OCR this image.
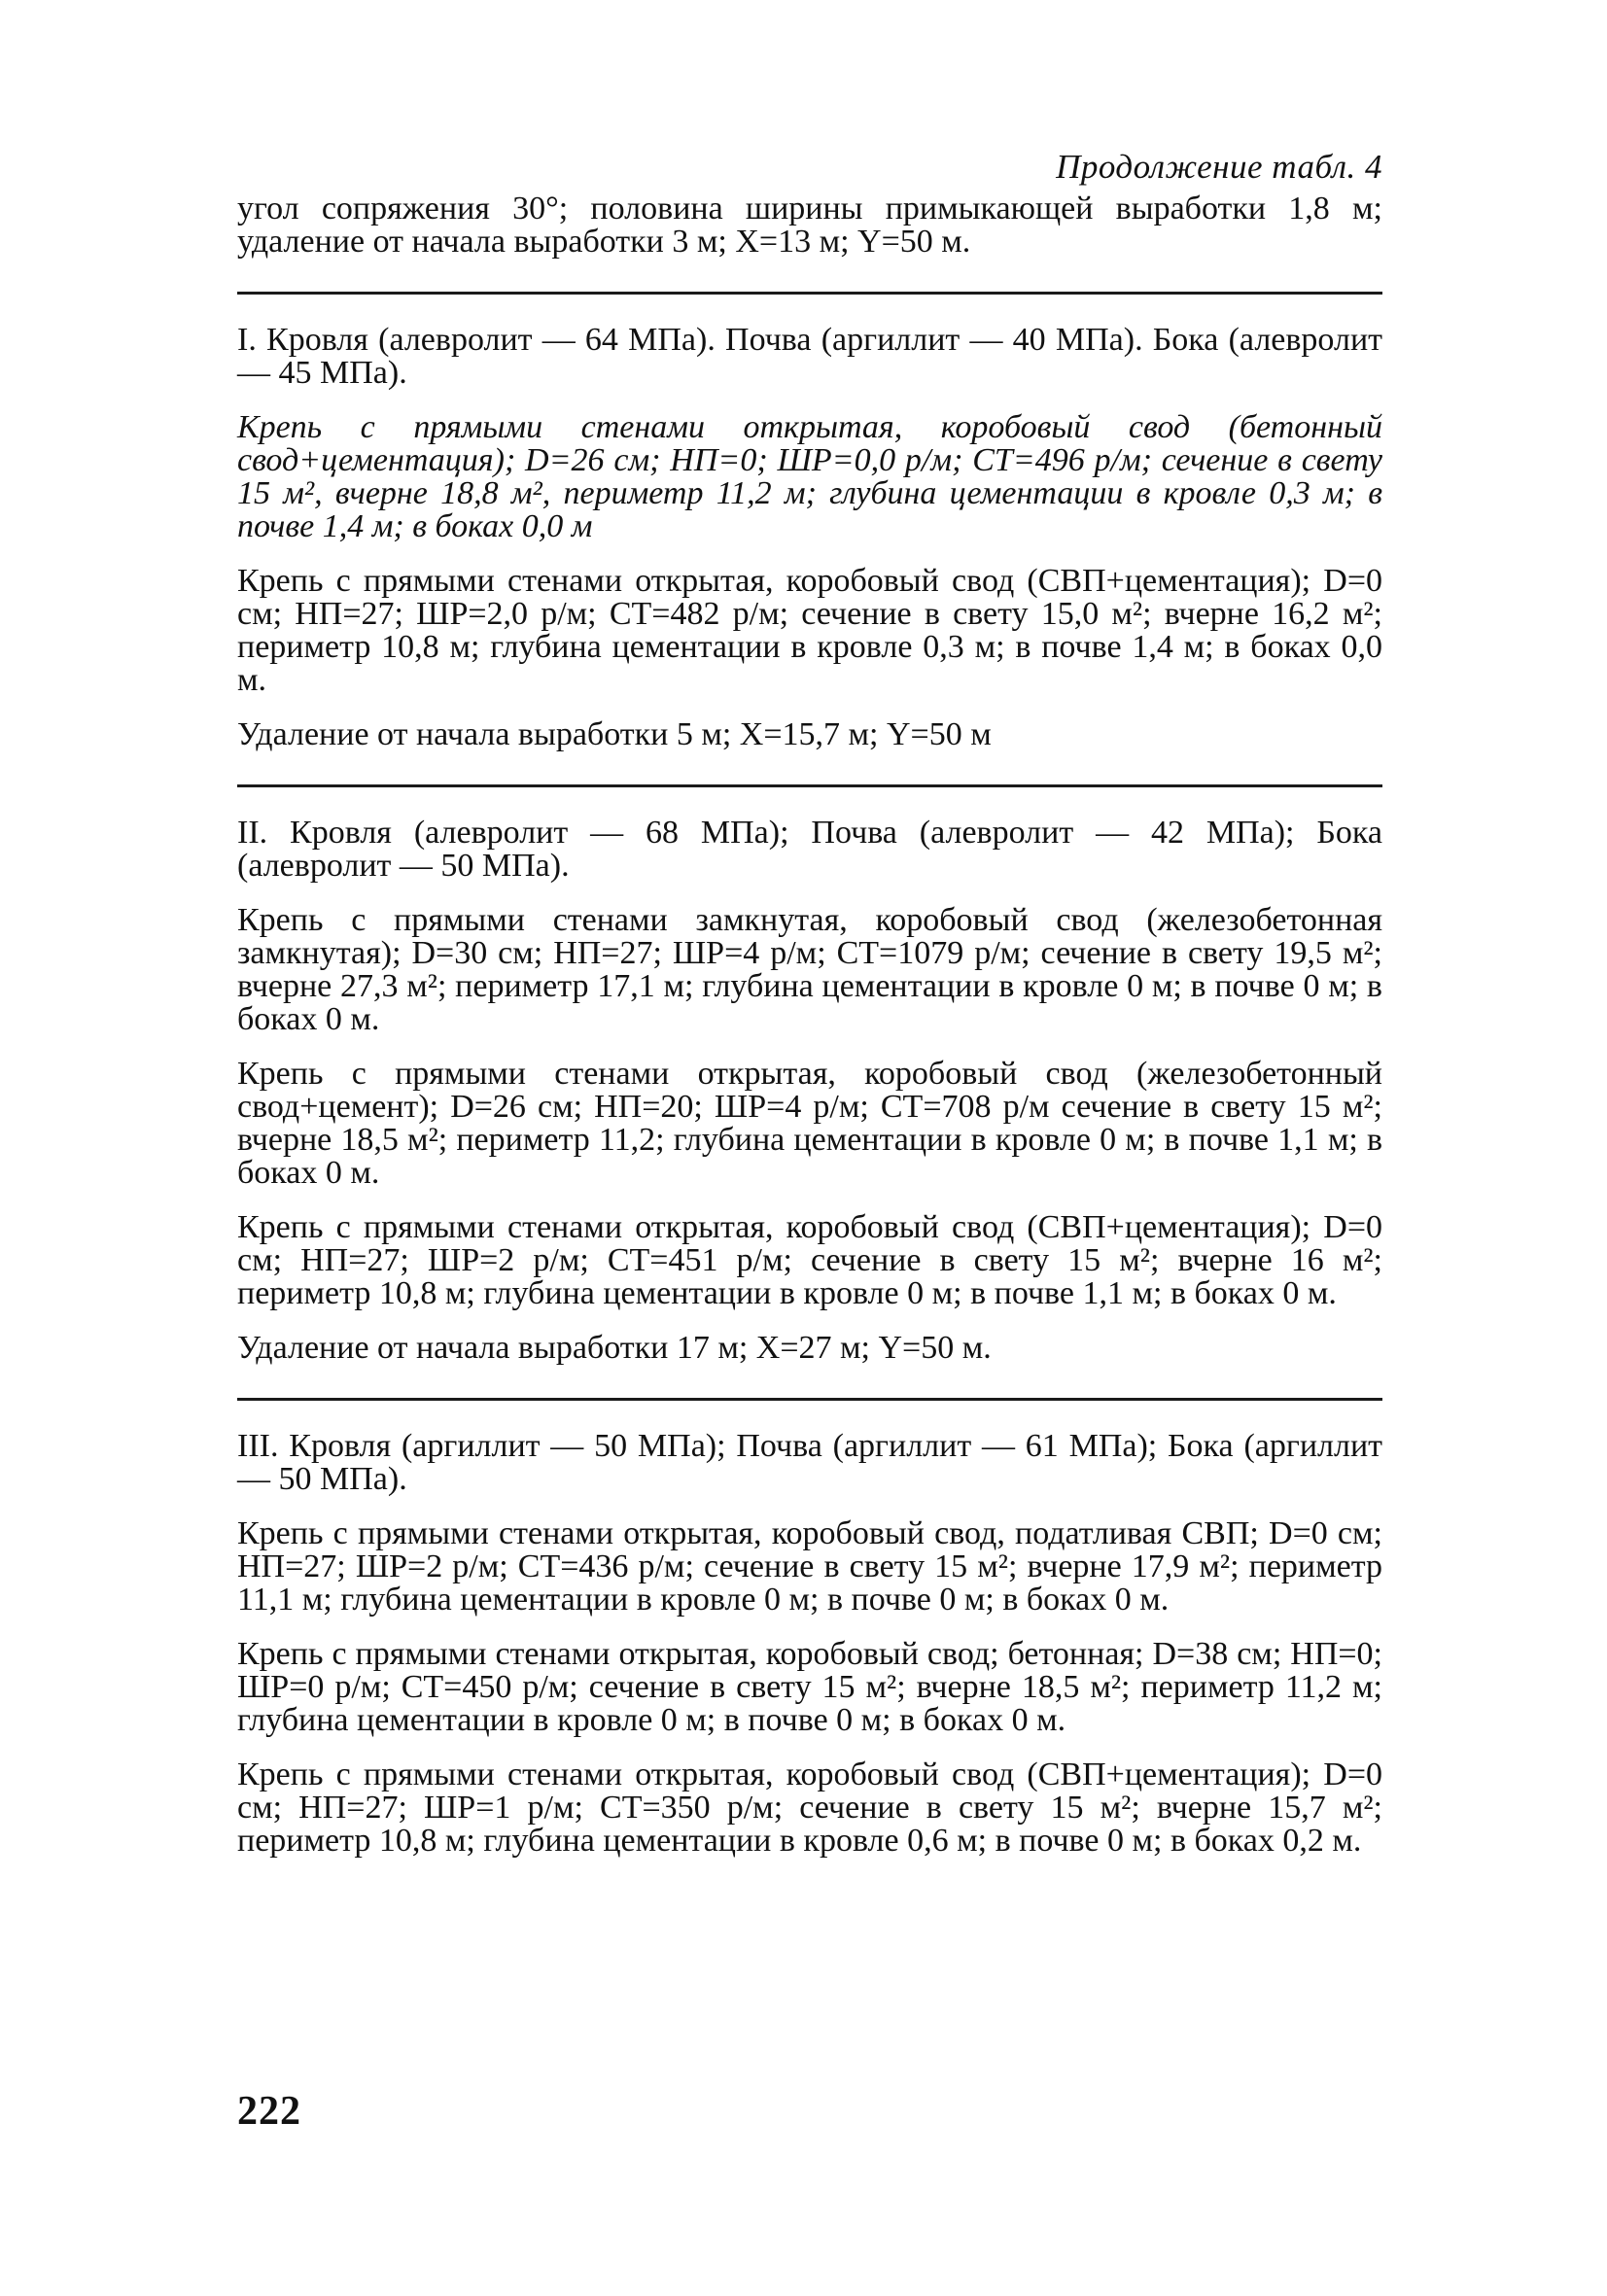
Продолжение табл. 4

угол сопряжения 30°; половина ширины примыкающей выработки 1,8 м; удаление от начала выработки 3 м; X=13 м; Y=50 м.

I. Кровля (алевролит — 64 МПа). Почва (аргиллит — 40 МПа). Бока (алевролит — 45 МПа).

Крепь с прямыми стенами открытая, коробовый свод (бетонный свод+цементация); D=26 см; НП=0; ШР=0,0 р/м; СТ=496 р/м; сечение в свету 15 м², вчерне 18,8 м², периметр 11,2 м; глубина цементации в кровле 0,3 м; в почве 1,4 м; в боках 0,0 м

Крепь с прямыми стенами открытая, коробовый свод (СВП+цементация); D=0 см; НП=27; ШР=2,0 р/м; СТ=482 р/м; сечение в свету 15,0 м²; вчерне 16,2 м²; периметр 10,8 м; глубина цементации в кровле 0,3 м; в почве 1,4 м; в боках 0,0 м.

Удаление от начала выработки 5 м; X=15,7 м; Y=50 м

II. Кровля (алевролит — 68 МПа); Почва (алевролит — 42 МПа); Бока (алевролит — 50 МПа).

Крепь с прямыми стенами замкнутая, коробовый свод (железобетонная замкнутая); D=30 см; НП=27; ШР=4 р/м; СТ=1079 р/м; сечение в свету 19,5 м²; вчерне 27,3 м²; периметр 17,1 м; глубина цементации в кровле 0 м; в почве 0 м; в боках 0 м.

Крепь с прямыми стенами открытая, коробовый свод (железобетонный свод+цемент); D=26 см; НП=20; ШР=4 р/м; СТ=708 р/м сечение в свету 15 м²; вчерне 18,5 м²; периметр 11,2; глубина цементации в кровле 0 м; в почве 1,1 м; в боках 0 м.

Крепь с прямыми стенами открытая, коробовый свод (СВП+цементация); D=0 см; НП=27; ШР=2 р/м; СТ=451 р/м; сечение в свету 15 м²; вчерне 16 м²; периметр 10,8 м; глубина цементации в кровле 0 м; в почве 1,1 м; в боках 0 м.

Удаление от начала выработки 17 м; X=27 м; Y=50 м.

III. Кровля (аргиллит — 50 МПа); Почва (аргиллит — 61 МПа); Бока (аргиллит — 50 МПа).

Крепь с прямыми стенами открытая, коробовый свод, податливая СВП; D=0 см; НП=27; ШР=2 р/м; СТ=436 р/м; сечение в свету 15 м²; вчерне 17,9 м²; периметр 11,1 м; глубина цементации в кровле 0 м; в почве 0 м; в боках 0 м.

Крепь с прямыми стенами открытая, коробовый свод; бетонная; D=38 см; НП=0; ШР=0 р/м; СТ=450 р/м; сечение в свету 15 м²; вчерне 18,5 м²; периметр 11,2 м; глубина цементации в кровле 0 м; в почве 0 м; в боках 0 м.

Крепь с прямыми стенами открытая, коробовый свод (СВП+цементация); D=0 см; НП=27; ШР=1 р/м; СТ=350 р/м; сечение в свету 15 м²; вчерне 15,7 м²; периметр 10,8 м; глубина цементации в кровле 0,6 м; в почве 0 м; в боках 0,2 м.

222
